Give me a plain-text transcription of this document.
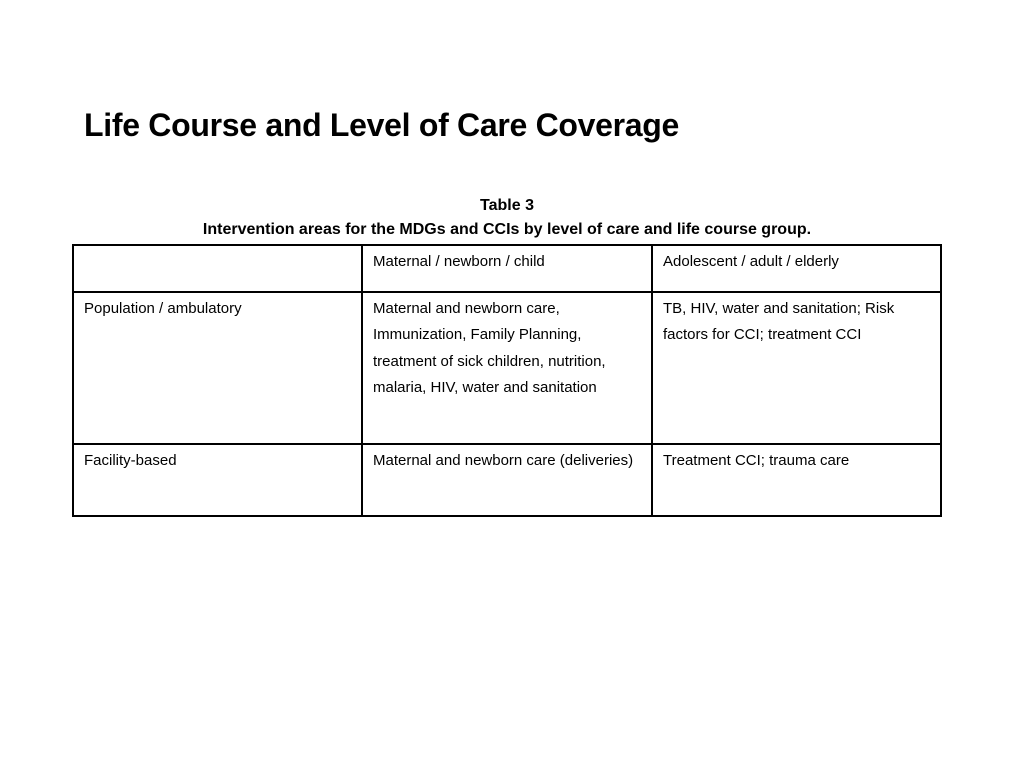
Life Course and Level of Care Coverage
Table 3
Intervention areas for the MDGs and CCIs by level of care and life course group.
	Maternal / newborn / child	Adolescent / adult / elderly
Population / ambulatory	Maternal and newborn care, Immunization, Family Planning, treatment of sick children, nutrition, malaria, HIV, water and sanitation	TB, HIV, water and sanitation; Risk factors for CCI; treatment CCI
Facility-based	Maternal and newborn care (deliveries)	Treatment CCI; trauma care
